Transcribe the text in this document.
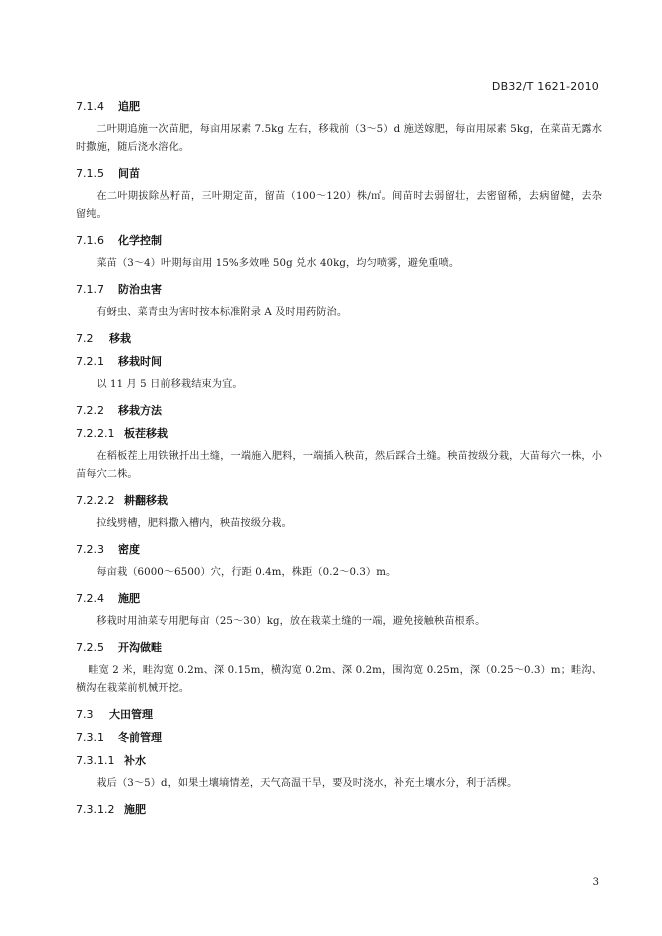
DB32/T 1621-2010
7.1.4 追肥

二叶期追施一次苗肥，每亩用尿素 7.5kg 左右，移栽前（3～5）d 施送嫁肥，每亩用尿素 5kg，在菜苗无露水时撒施，随后浇水溶化。

7.1.5 间苗

在二叶期拔除丛籽苗，三叶期定苗，留苗（100～120）株/㎡。间苗时去弱留壮，去密留稀，去病留健，去杂留纯。

7.1.6 化学控制

菜苗（3～4）叶期每亩用 15%多效唑 50g 兑水 40kg，均匀喷雾，避免重喷。

7.1.7 防治虫害

有蚜虫、菜青虫为害时按本标准附录 A 及时用药防治。

7.2 移栽
7.2.1 移栽时间

以 11 月 5 日前移栽结束为宜。

7.2.2 移栽方法
7.2.2.1 板茬移栽

在稻板茬上用铁锹扦出土缝，一端施入肥料，一端插入秧苗，然后踩合土缝。秧苗按级分栽，大苗每穴一株，小苗每穴二株。

7.2.2.2 耕翻移栽

拉线劈槽，肥料撒入槽内，秧苗按级分栽。

7.2.3 密度

每亩栽（6000～6500）穴，行距 0.4m，株距（0.2～0.3）m。

7.2.4 施肥

移栽时用油菜专用肥每亩（25～30）kg，放在栽菜土缝的一端，避免接触秧苗根系。

7.2.5 开沟做畦

畦宽 2 米，畦沟宽 0.2m、深 0.15m，横沟宽 0.2m、深 0.2m，围沟宽 0.25m，深（0.25～0.3）m；畦沟、横沟在栽菜前机械开挖。

7.3 大田管理
7.3.1 冬前管理
7.3.1.1 补水

栽后（3～5）d，如果土壤墒情差，天气高温干旱，要及时浇水，补充土壤水分，利于活棵。

7.3.1.2 施肥
3
